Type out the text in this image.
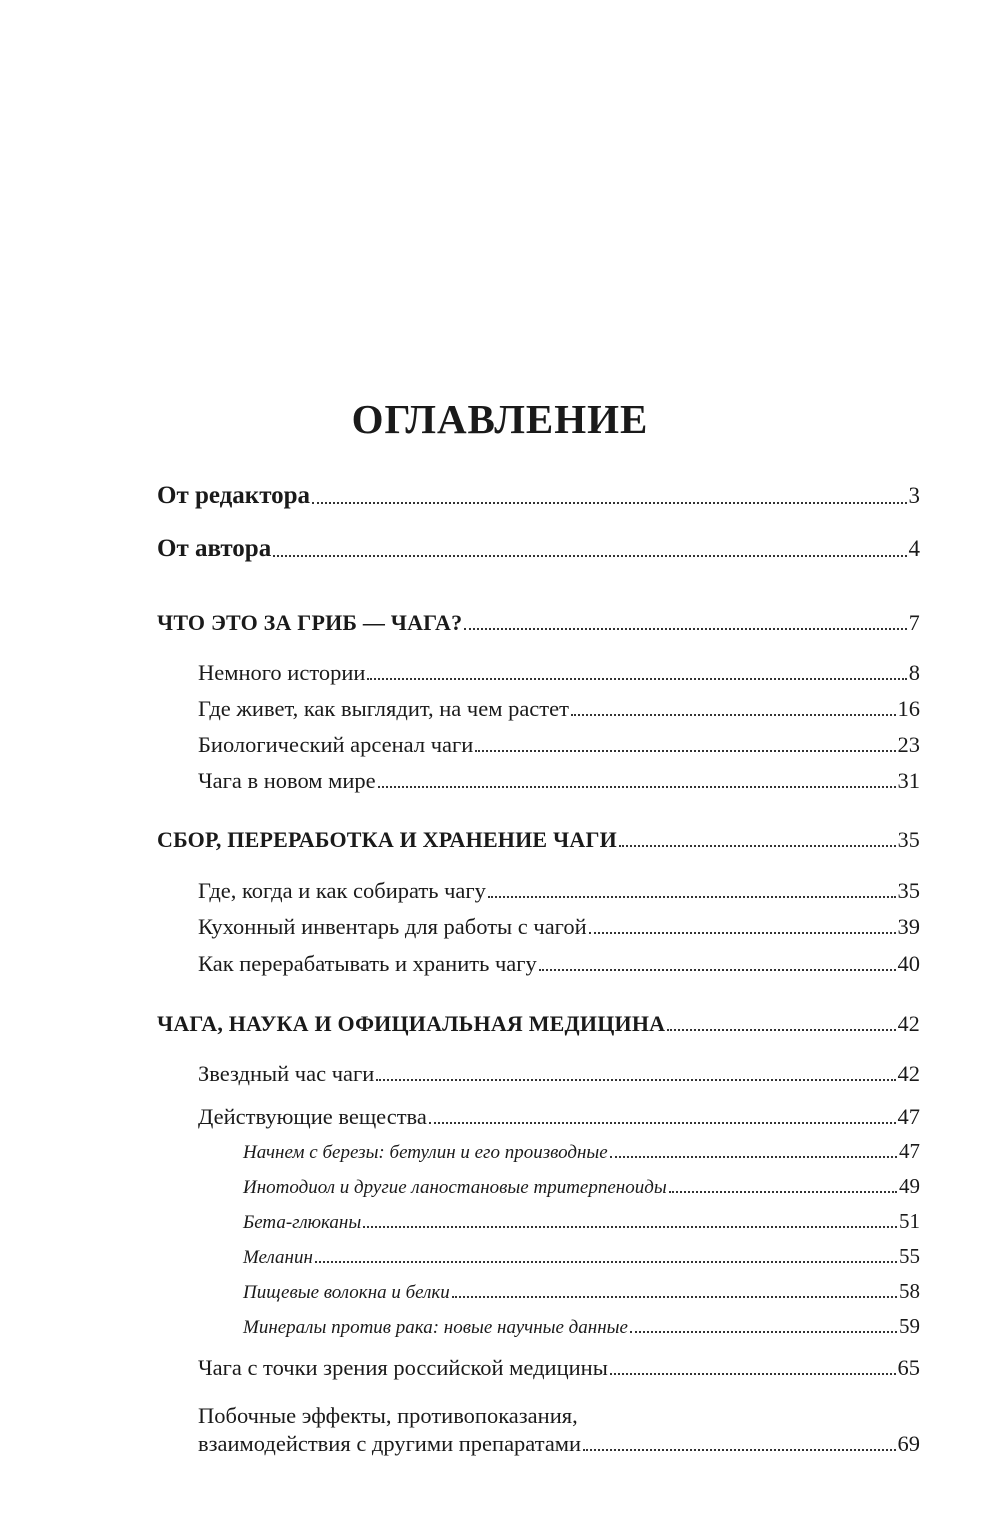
ОГЛАВЛЕНИЕ
От редактора	3
От автора	4
ЧТО ЭТО ЗА ГРИБ — ЧАГА?	7
Немного истории	8
Где живет, как выглядит, на чем растет	16
Биологический арсенал чаги	23
Чага в новом мире	31
СБОР, ПЕРЕРАБОТКА И ХРАНЕНИЕ ЧАГИ	35
Где, когда и как собирать чагу	35
Кухонный инвентарь для работы с чагой	39
Как перерабатывать и хранить чагу	40
ЧАГА, НАУКА И ОФИЦИАЛЬНАЯ МЕДИЦИНА	42
Звездный час чаги	42
Действующие вещества	47
Начнем с березы: бетулин и его производные	47
Инотодиол и другие ланостановые тритерпеноиды	49
Бета-глюканы	51
Меланин	55
Пищевые волокна и белки	58
Минералы против рака: новые научные данные	59
Чага с точки зрения российской медицины	65
Побочные эффекты, противопоказания,
взаимодействия с другими препаратами	69
